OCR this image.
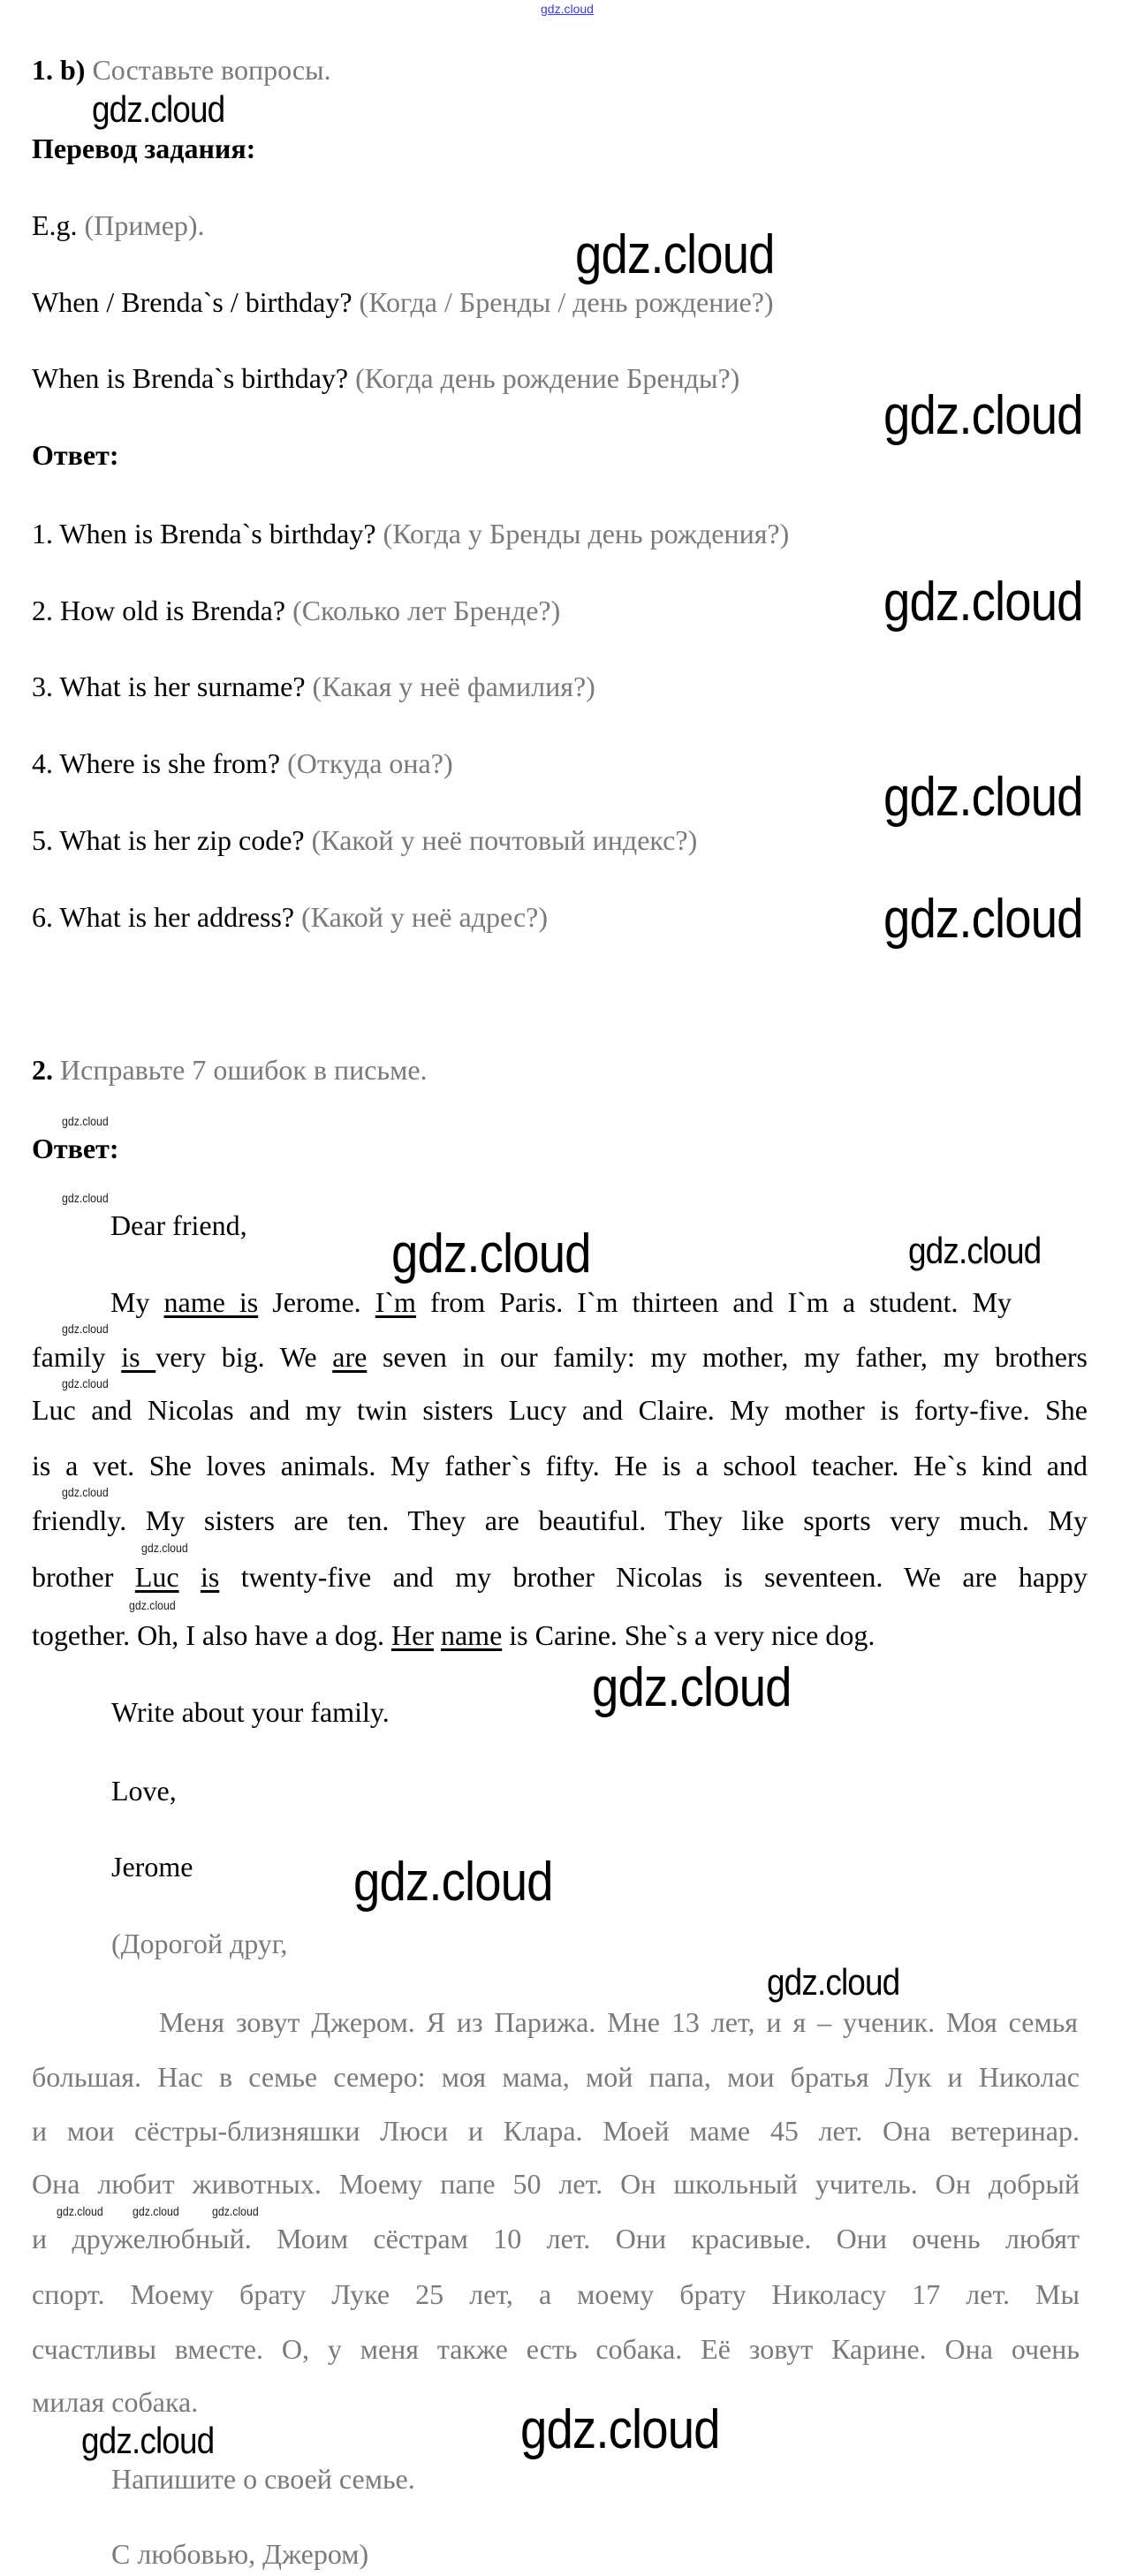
gdz.cloud
1. b) Составьте вопросы.
Перевод задания:
E.g. (Пример).
When / Brenda`s / birthday? (Когда / Бренды / день рождение?)
When is Brenda`s birthday? (Когда день рождение Бренды?)
Ответ:
1. When is Brenda`s birthday? (Когда у Бренды день рождения?)
2. How old is Brenda? (Сколько лет Бренде?)
3. What is her surname? (Какая у неё фамилия?)
4. Where is she from? (Откуда она?)
5. What is her zip code? (Какой у неё почтовый индекс?)
6. What is her address? (Какой у неё адрес?)
2. Исправьте 7 ошибок в письме.
Ответ:
Dear friend,
My name is Jerome. I`m from Paris. I`m thirteen and I`m a student. My
family is very big. We are seven in our family: my mother, my father, my brothers
Luc and Nicolas and my twin sisters Lucy and Claire. My mother is forty-five. She
is a vet. She loves animals. My father`s fifty. He is a school teacher. He`s kind and
friendly. My sisters are ten. They are beautiful. They like sports very much. My
brother Luc is twenty-five and my brother Nicolas is seventeen. We are happy
together. Oh, I also have a dog. Her name is Carine. She`s a very nice dog.
Write about your family.
Love,
Jerome
(Дорогой друг,
Меня зовут Джером. Я из Парижа. Мне 13 лет, и я – ученик. Моя семья
большая. Нас в семье семеро: моя мама, мой папа, мои братья Лук и Николас
и мои сёстры-близняшки Люси и Клара. Моей маме 45 лет. Она ветеринар.
Она любит животных. Моему папе 50 лет. Он школьный учитель. Он добрый
и дружелюбный. Моим сёстрам 10 лет. Они красивые. Они очень любят
спорт. Моему брату Луке 25 лет, а моему брату Николасу 17 лет. Мы
счастливы вместе. О, у меня также есть собака. Её зовут Карине. Она очень
милая собака.
Напишите о своей семье.
С любовью, Джером)
gdz.cloud
gdz.cloud
gdz.cloud
gdz.cloud
gdz.cloud
gdz.cloud
gdz.cloud
gdz.cloud
gdz.cloud	gdz.cloud
gdz.cloud
gdz.cloud
gdz.cloud
gdz.cloud
gdz.cloud
gdz.cloud
gdz.cloud
gdz.cloud
gdz.cloud gdz.cloud	gdz.cloud
gdz.cloud
gdz.cloud
